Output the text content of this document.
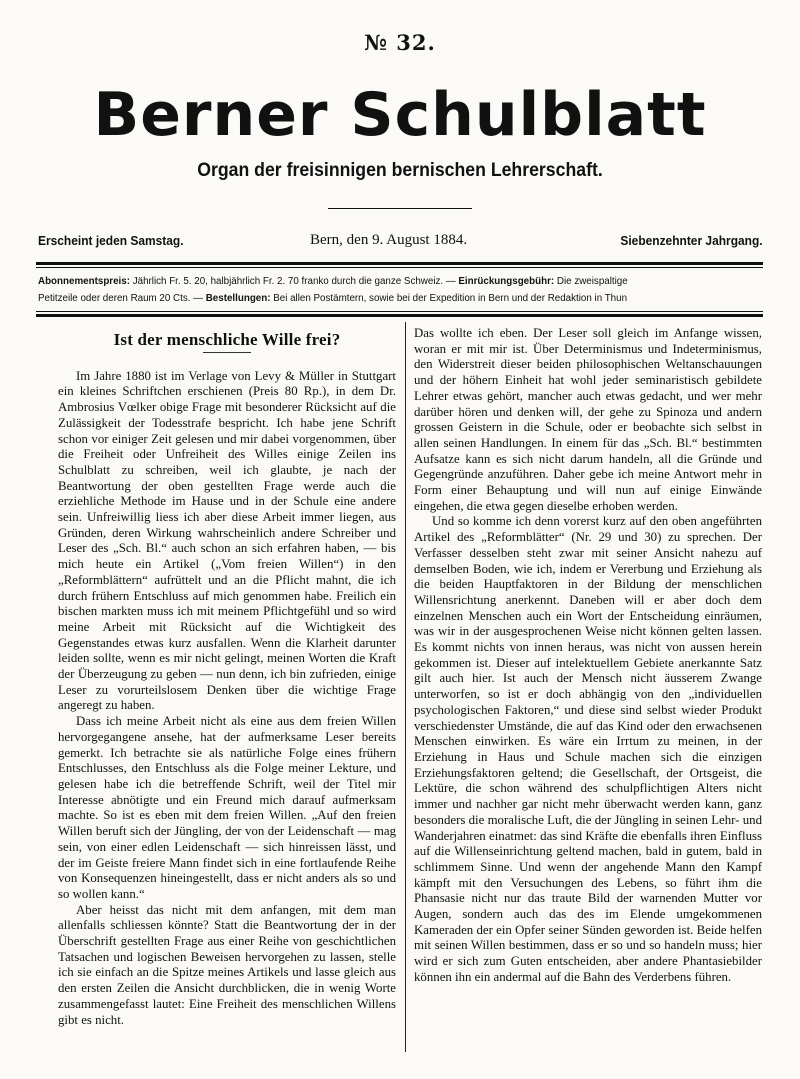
№ 32.
Berner Schulblatt
Organ der freisinnigen bernischen Lehrerschaft.
Erscheint jeden Samstag.	Bern, den 9. August 1884.	Siebenzehnter Jahrgang.
Abonnementspreis: Jährlich Fr. 5. 20, halbjährlich Fr. 2. 70 franko durch die ganze Schweiz. — Einrückungsgebühr: Die zweispaltige
Petitzeile oder deren Raum 20 Cts. — Bestellungen: Bei allen Postämtern, sowie bei der Expedition in Bern und der Redaktion in Thun
Ist der menschliche Wille frei?

Im Jahre 1880 ist im Verlage von Levy & Müller in Stuttgart ein kleines Schriftchen erschienen (Preis 80 Rp.), in dem Dr. Ambrosius Vœlker obige Frage mit besonderer Rücksicht auf die Zulässigkeit der Todesstrafe bespricht. Ich habe jene Schrift schon vor einiger Zeit gelesen und mir dabei vorgenommen, über die Freiheit oder Unfreiheit des Willes einige Zeilen ins Schulblatt zu schreiben, weil ich glaubte, je nach der Beantwortung der oben gestellten Frage werde auch die erziehliche Methode im Hause und in der Schule eine andere sein. Unfreiwillig liess ich aber diese Arbeit immer liegen, aus Gründen, deren Wirkung wahrscheinlich andere Schreiber und Leser des „Sch. Bl.“ auch schon an sich erfahren haben, — bis mich heute ein Artikel („Vom freien Willen“) in den „Reformblättern“ aufrüttelt und an die Pflicht mahnt, die ich durch frühern Entschluss auf mich genommen habe. Freilich ein bischen markten muss ich mit meinem Pflichtgefühl und so wird meine Arbeit mit Rücksicht auf die Wichtigkeit des Gegenstandes etwas kurz ausfallen. Wenn die Klarheit darunter leiden sollte, wenn es mir nicht gelingt, meinen Worten die Kraft der Überzeugung zu geben — nun denn, ich bin zufrieden, einige Leser zu vorurteilslosem Denken über die wichtige Frage angeregt zu haben.

Dass ich meine Arbeit nicht als eine aus dem freien Willen hervorgegangene ansehe, hat der aufmerksame Leser bereits gemerkt. Ich betrachte sie als natürliche Folge eines frühern Entschlusses, den Entschluss als die Folge meiner Lekture, und gelesen habe ich die betreffende Schrift, weil der Titel mir Interesse abnötigte und ein Freund mich darauf aufmerksam machte. So ist es eben mit dem freien Willen. „Auf den freien Willen beruft sich der Jüngling, der von der Leidenschaft — mag sein, von einer edlen Leidenschaft — sich hinreissen lässt, und der im Geiste freiere Mann findet sich in eine fortlaufende Reihe von Konsequenzen hineingestellt, dass er nicht anders als so und so wollen kann.“

Aber heisst das nicht mit dem anfangen, mit dem man allenfalls schliessen könnte? Statt die Beantwortung der in der Überschrift gestellten Frage aus einer Reihe von geschichtlichen Tatsachen und logischen Beweisen hervorgehen zu lassen, stelle ich sie einfach an die Spitze meines Artikels und lasse gleich aus den ersten Zeilen die Ansicht durchblicken, die in wenig Worte zusammengefasst lautet: Eine Freiheit des menschlichen Willens gibt es nicht.

Das wollte ich eben. Der Leser soll gleich im Anfange wissen, woran er mit mir ist. Über Determinismus und Indeterminismus, den Widerstreit dieser beiden philosophischen Weltanschauungen und der höhern Einheit hat wohl jeder seminaristisch gebildete Lehrer etwas gehört, mancher auch etwas gedacht, und wer mehr darüber hören und denken will, der gehe zu Spinoza und andern grossen Geistern in die Schule, oder er beobachte sich selbst in allen seinen Handlungen. In einem für das „Sch. Bl.“ bestimmten Aufsatze kann es sich nicht darum handeln, all die Gründe und Gegengründe anzuführen. Daher gebe ich meine Antwort mehr in Form einer Behauptung und will nun auf einige Einwände eingehen, die etwa gegen dieselbe erhoben werden.

Und so komme ich denn vorerst kurz auf den oben angeführten Artikel des „Reformblätter“ (Nr. 29 und 30) zu sprechen. Der Verfasser desselben steht zwar mit seiner Ansicht nahezu auf demselben Boden, wie ich, indem er Vererbung und Erziehung als die beiden Hauptfaktoren in der Bildung der menschlichen Willensrichtung anerkennt. Daneben will er aber doch dem einzelnen Menschen auch ein Wort der Entscheidung einräumen, was wir in der ausgesprochenen Weise nicht können gelten lassen. Es kommt nichts von innen heraus, was nicht von aussen herein gekommen ist. Dieser auf intelektuellem Gebiete anerkannte Satz gilt auch hier. Ist auch der Mensch nicht äusserem Zwange unterworfen, so ist er doch abhängig von den „individuellen psychologischen Faktoren,“ und diese sind selbst wieder Produkt verschiedenster Umstände, die auf das Kind oder den erwachsenen Menschen einwirken. Es wäre ein Irrtum zu meinen, in der Erziehung in Haus und Schule machen sich die einzigen Erziehungsfaktoren geltend; die Gesellschaft, der Ortsgeist, die Lektüre, die schon während des schulpflichtigen Alters nicht immer und nachher gar nicht mehr überwacht werden kann, ganz besonders die moralische Luft, die der Jüngling in seinen Lehr- und Wanderjahren einatmet: das sind Kräfte die ebenfalls ihren Einfluss auf die Willenseinrichtung geltend machen, bald in gutem, bald in schlimmem Sinne. Und wenn der angehende Mann den Kampf kämpft mit den Versuchungen des Lebens, so führt ihm die Phansasie nicht nur das traute Bild der warnenden Mutter vor Augen, sondern auch das des im Elende umgekommenen Kameraden der ein Opfer seiner Sünden geworden ist. Beide helfen mit seinen Willen bestimmen, dass er so und so handeln muss; hier wird er sich zum Guten entscheiden, aber andere Phantasiebilder können ihn ein andermal auf die Bahn des Verderbens führen.
